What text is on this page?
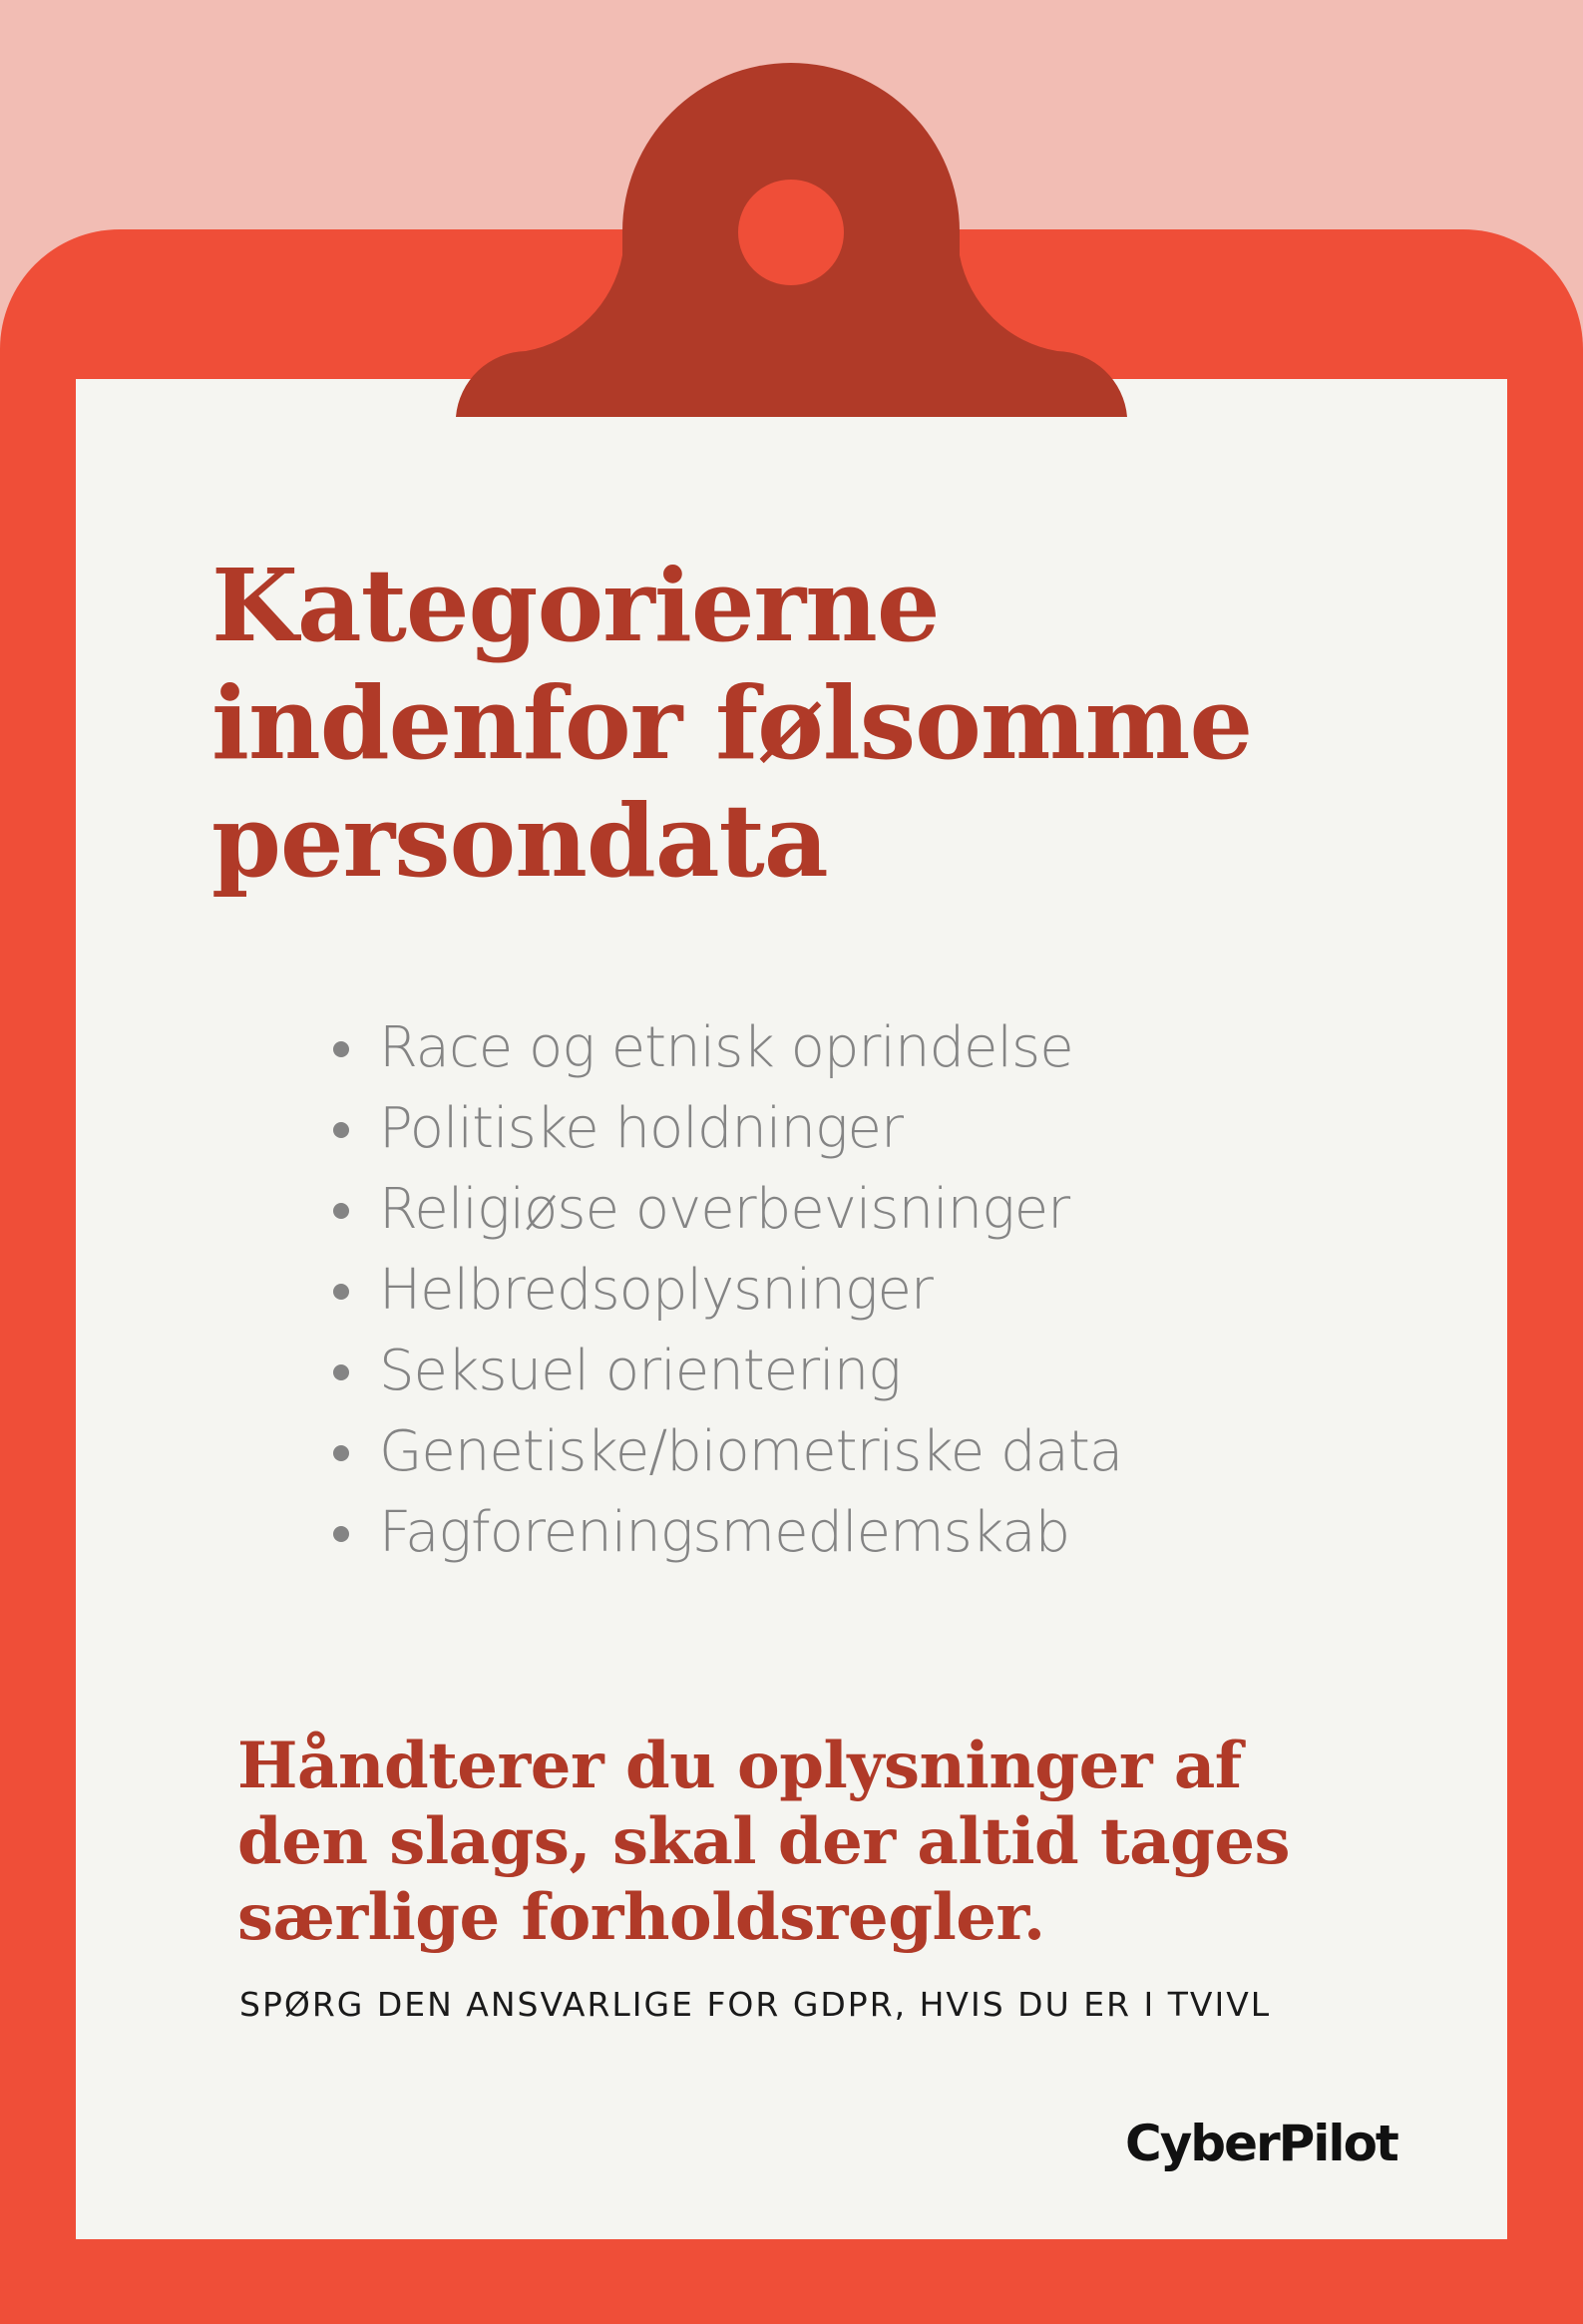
Kategorierne
indenfor følsomme
persondata
Race og etnisk oprindelse
Politiske holdninger
Religiøse overbevisninger
Helbredsoplysninger
Seksuel orientering
Genetiske/biometriske data
Fagforeningsmedlemskab

Håndterer du oplysninger af
den slags, skal der altid tages
særlige forholdsregler.

SPØRG DEN ANSVARLIGE FOR GDPR, HVIS DU ER I TVIVL
CyberPilot
